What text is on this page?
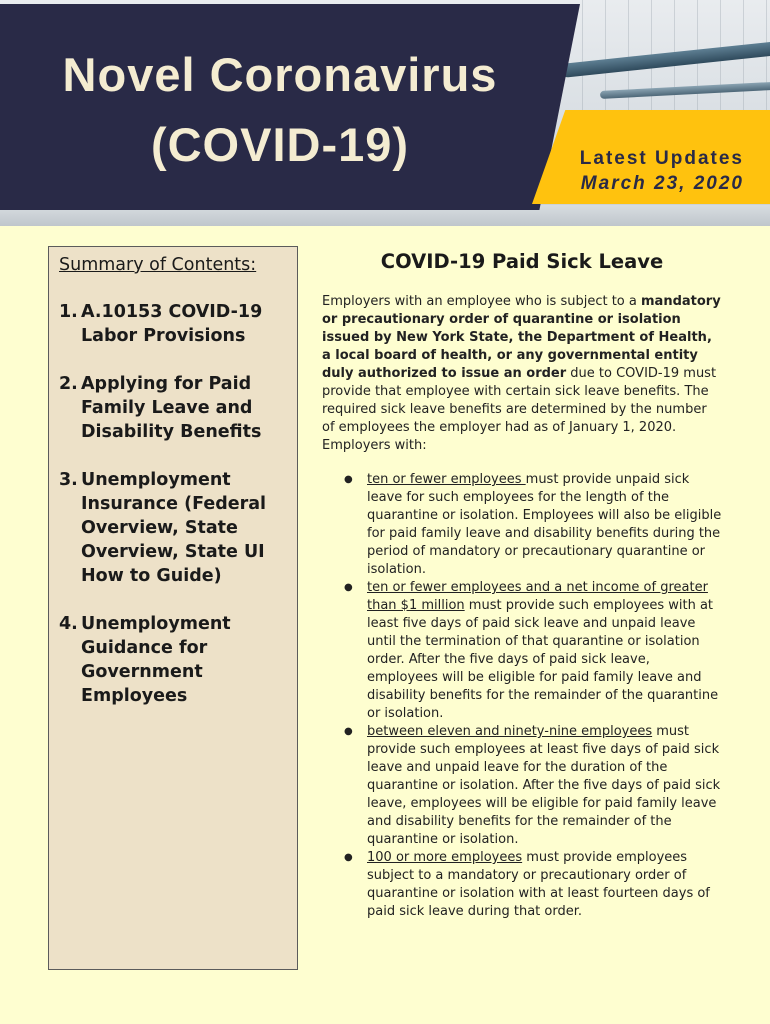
Novel Coronavirus
(COVID-19)	Latest Updates
March 23, 2020
Summary of Contents:
1. A.10153 COVID-19 Labor Provisions
2. Applying for Paid Family Leave and Disability Benefits
3. Unemployment Insurance (Federal Overview, State Overview, State UI How to Guide)
4. Unemployment Guidance for Government Employees
COVID-19 Paid Sick Leave

Employers with an employee who is subject to a mandatory or precautionary order of quarantine or isolation issued by New York State, the Department of Health, a local board of health, or any governmental entity duly authorized to issue an order due to COVID-19 must provide that employee with certain sick leave benefits. The required sick leave benefits are determined by the number of employees the employer had as of January 1, 2020. Employers with:

● ten or fewer employees must provide unpaid sick leave for such employees for the length of the quarantine or isolation. Employees will also be eligible for paid family leave and disability benefits during the period of mandatory or precautionary quarantine or isolation.
● ten or fewer employees and a net income of greater than $1 million must provide such employees with at least five days of paid sick leave and unpaid leave until the termination of that quarantine or isolation order. After the five days of paid sick leave, employees will be eligible for paid family leave and disability benefits for the remainder of the quarantine or isolation.
● between eleven and ninety-nine employees must provide such employees at least five days of paid sick leave and unpaid leave for the duration of the quarantine or isolation. After the five days of paid sick leave, employees will be eligible for paid family leave and disability benefits for the remainder of the quarantine or isolation.
● 100 or more employees must provide employees subject to a mandatory or precautionary order of quarantine or isolation with at least fourteen days of paid sick leave during that order.
